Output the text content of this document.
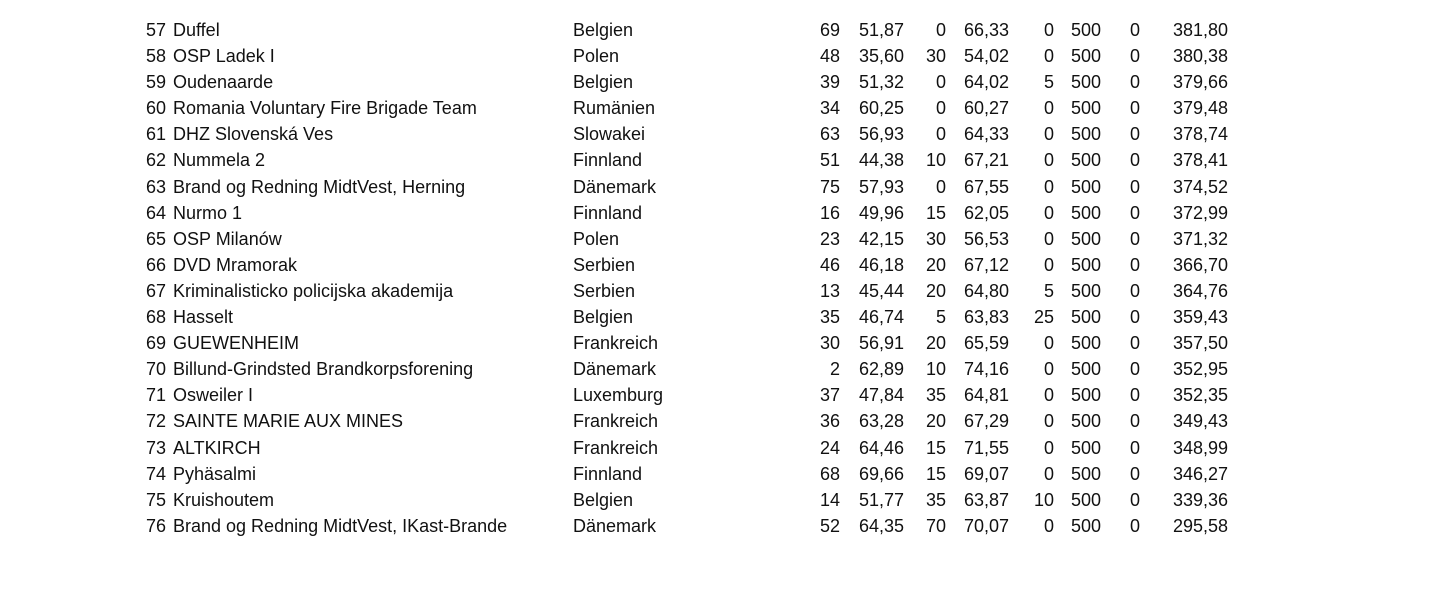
57 Duffel	Belgien	69	51,87	0 66,33	0 500	0	381,80
58 OSP Ladek I	Polen	48	35,60	30 54,02	0 500	0	380,38
59 Oudenaarde	Belgien	39	51,32	0 64,02	5 500	0	379,66
60 Romania Voluntary Fire Brigade Team	Rumänien	34	60,25	0 60,27	0 500	0	379,48
61 DHZ Slovenská Ves	Slowakei	63	56,93	0 64,33	0 500	0	378,74
62 Nummela 2	Finnland	51	44,38	10 67,21	0 500	0	378,41
63 Brand og Redning MidtVest, Herning	Dänemark	75	57,93	0 67,55	0 500	0	374,52
64 Nurmo 1	Finnland	16	49,96	15 62,05	0 500	0	372,99
65 OSP Milanów	Polen	23	42,15	30 56,53	0 500	0	371,32
66 DVD Mramorak	Serbien	46	46,18	20 67,12	0 500	0	366,70
67 Kriminalisticko policijska akademija	Serbien	13	45,44	20 64,80	5 500	0	364,76
68 Hasselt	Belgien	35	46,74	5 63,83	25 500	0	359,43
69 GUEWENHEIM	Frankreich	30	56,91	20 65,59	0 500	0	357,50
70 Billund-Grindsted Brandkorpsforening	Dänemark	2	62,89	10 74,16	0 500	0	352,95
71 Osweiler I	Luxemburg	37	47,84	35 64,81	0 500	0	352,35
72 SAINTE MARIE AUX MINES	Frankreich	36	63,28	20 67,29	0 500	0	349,43
73 ALTKIRCH	Frankreich	24	64,46	15 71,55	0 500	0	348,99
74 Pyhäsalmi	Finnland	68	69,66	15 69,07	0 500	0	346,27
75 Kruishoutem	Belgien	14	51,77	35 63,87	10 500	0	339,36
76 Brand og Redning MidtVest, IKast-Brande	Dänemark	52	64,35	70 70,07	0 500	0	295,58
